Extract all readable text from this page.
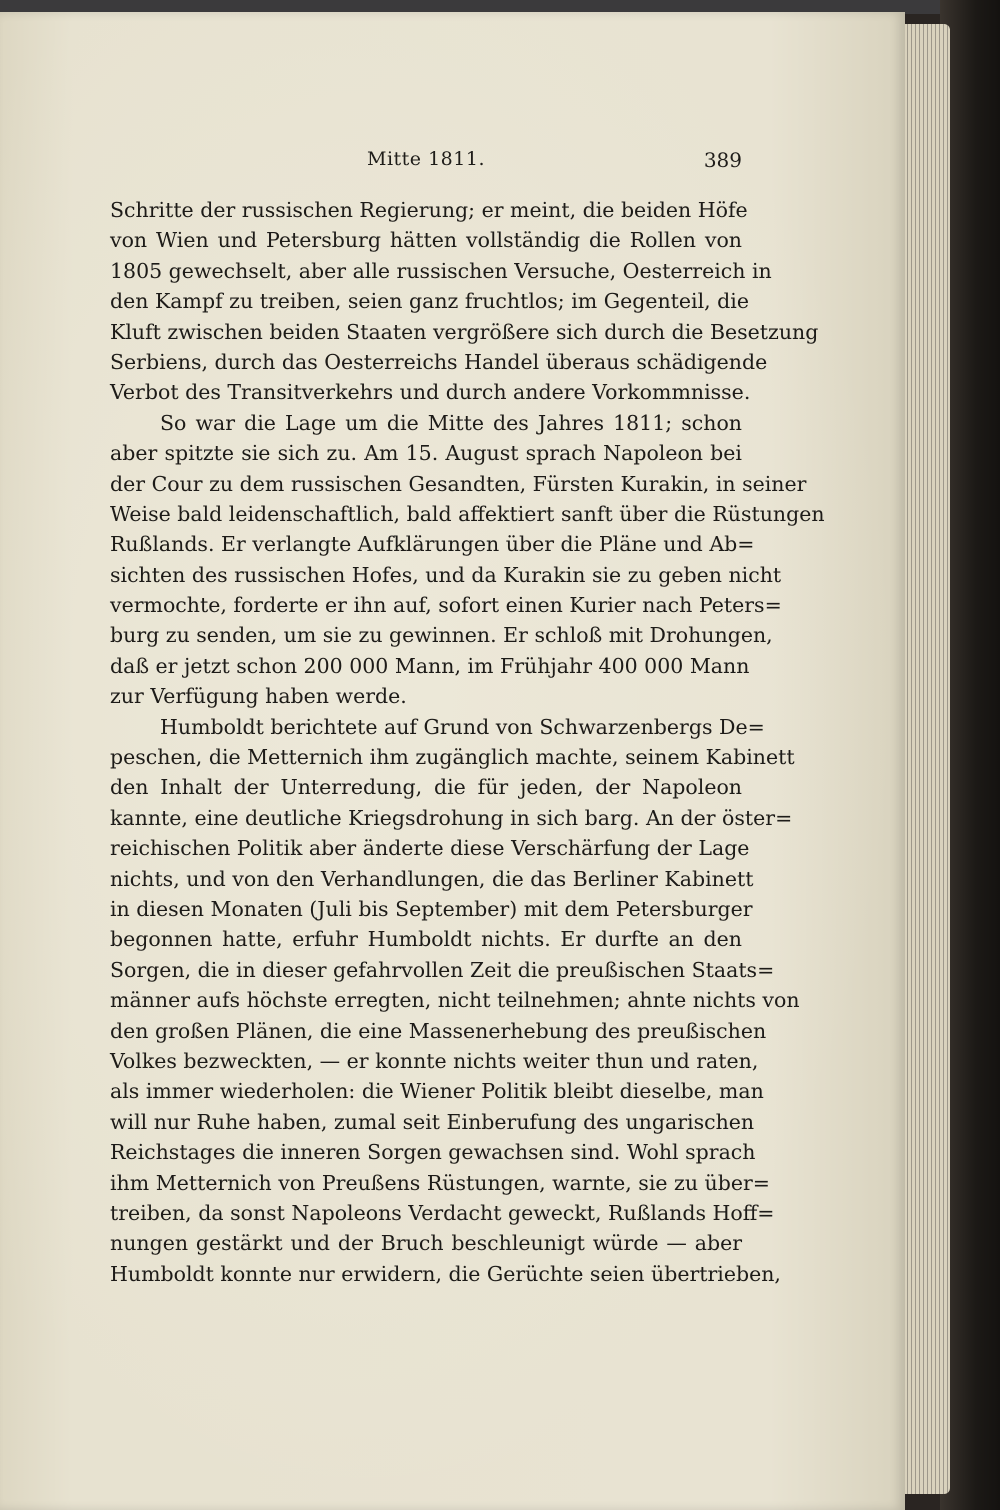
Mitte 1811.	389
Schritte der russischen Regierung; er meint, die beiden Höfe
von Wien und Petersburg hätten vollständig die Rollen von
1805 gewechselt, aber alle russischen Versuche, Oesterreich in
den Kampf zu treiben, seien ganz fruchtlos; im Gegenteil, die
Kluft zwischen beiden Staaten vergrößere sich durch die Besetzung
Serbiens, durch das Oesterreichs Handel überaus schädigende
Verbot des Transitverkehrs und durch andere Vorkommnisse.
So war die Lage um die Mitte des Jahres 1811; schon
aber spitzte sie sich zu. Am 15. August sprach Napoleon bei
der Cour zu dem russischen Gesandten, Fürsten Kurakin, in seiner
Weise bald leidenschaftlich, bald affektiert sanft über die Rüstungen
Rußlands. Er verlangte Aufklärungen über die Pläne und Ab=
sichten des russischen Hofes, und da Kurakin sie zu geben nicht
vermochte, forderte er ihn auf, sofort einen Kurier nach Peters=
burg zu senden, um sie zu gewinnen. Er schloß mit Drohungen,
daß er jetzt schon 200 000 Mann, im Frühjahr 400 000 Mann
zur Verfügung haben werde.
Humboldt berichtete auf Grund von Schwarzenbergs De=
peschen, die Metternich ihm zugänglich machte, seinem Kabinett
den Inhalt der Unterredung, die für jeden, der Napoleon
kannte, eine deutliche Kriegsdrohung in sich barg. An der öster=
reichischen Politik aber änderte diese Verschärfung der Lage
nichts, und von den Verhandlungen, die das Berliner Kabinett
in diesen Monaten (Juli bis September) mit dem Petersburger
begonnen hatte, erfuhr Humboldt nichts. Er durfte an den
Sorgen, die in dieser gefahrvollen Zeit die preußischen Staats=
männer aufs höchste erregten, nicht teilnehmen; ahnte nichts von
den großen Plänen, die eine Massenerhebung des preußischen
Volkes bezweckten, — er konnte nichts weiter thun und raten,
als immer wiederholen: die Wiener Politik bleibt dieselbe, man
will nur Ruhe haben, zumal seit Einberufung des ungarischen
Reichstages die inneren Sorgen gewachsen sind. Wohl sprach
ihm Metternich von Preußens Rüstungen, warnte, sie zu über=
treiben, da sonst Napoleons Verdacht geweckt, Rußlands Hoff=
nungen gestärkt und der Bruch beschleunigt würde — aber
Humboldt konnte nur erwidern, die Gerüchte seien übertrieben,
